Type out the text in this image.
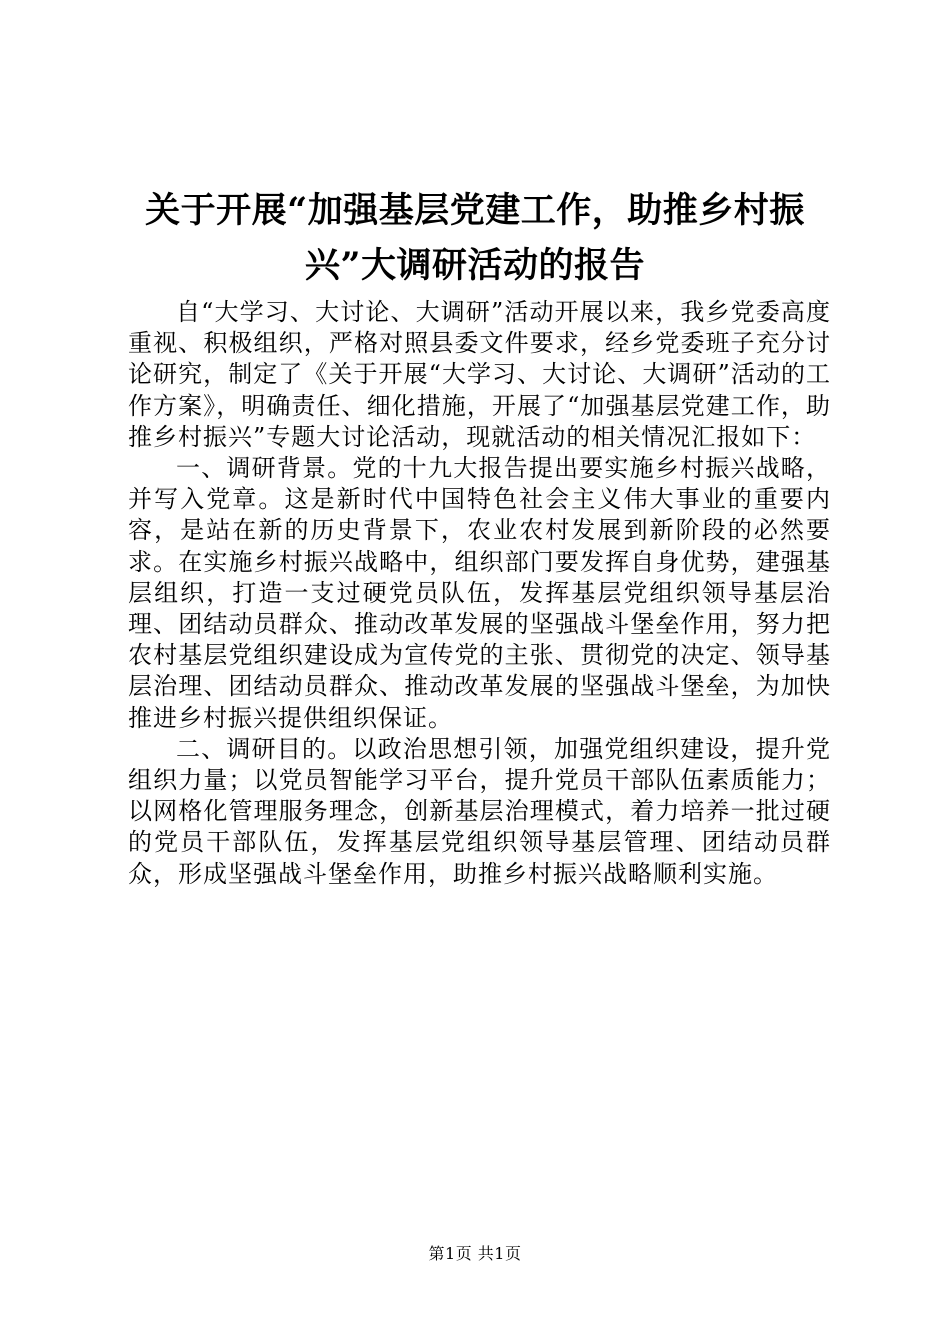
关于开展“加强基层党建工作，助推乡村振兴”大调研活动的报告

自“大学习、大讨论、大调研”活动开展以来，我乡党委高度重视、积极组织，严格对照县委文件要求，经乡党委班子充分讨论研究，制定了《关于开展“大学习、大讨论、大调研”活动的工作方案》，明确责任、细化措施，开展了“加强基层党建工作，助推乡村振兴”专题大讨论活动，现就活动的相关情况汇报如下：

一、调研背景。党的十九大报告提出要实施乡村振兴战略，并写入党章。这是新时代中国特色社会主义伟大事业的重要内容，是站在新的历史背景下，农业农村发展到新阶段的必然要求。在实施乡村振兴战略中，组织部门要发挥自身优势，建强基层组织，打造一支过硬党员队伍，发挥基层党组织领导基层治理、团结动员群众、推动改革发展的坚强战斗堡垒作用，努力把农村基层党组织建设成为宣传党的主张、贯彻党的决定、领导基层治理、团结动员群众、推动改革发展的坚强战斗堡垒，为加快推进乡村振兴提供组织保证。

二、调研目的。以政治思想引领，加强党组织建设，提升党组织力量；以党员智能学习平台，提升党员干部队伍素质能力；以网格化管理服务理念，创新基层治理模式，着力培养一批过硬的党员干部队伍，发挥基层党组织领导基层管理、团结动员群众，形成坚强战斗堡垒作用，助推乡村振兴战略顺利实施。

第1页 共1页
